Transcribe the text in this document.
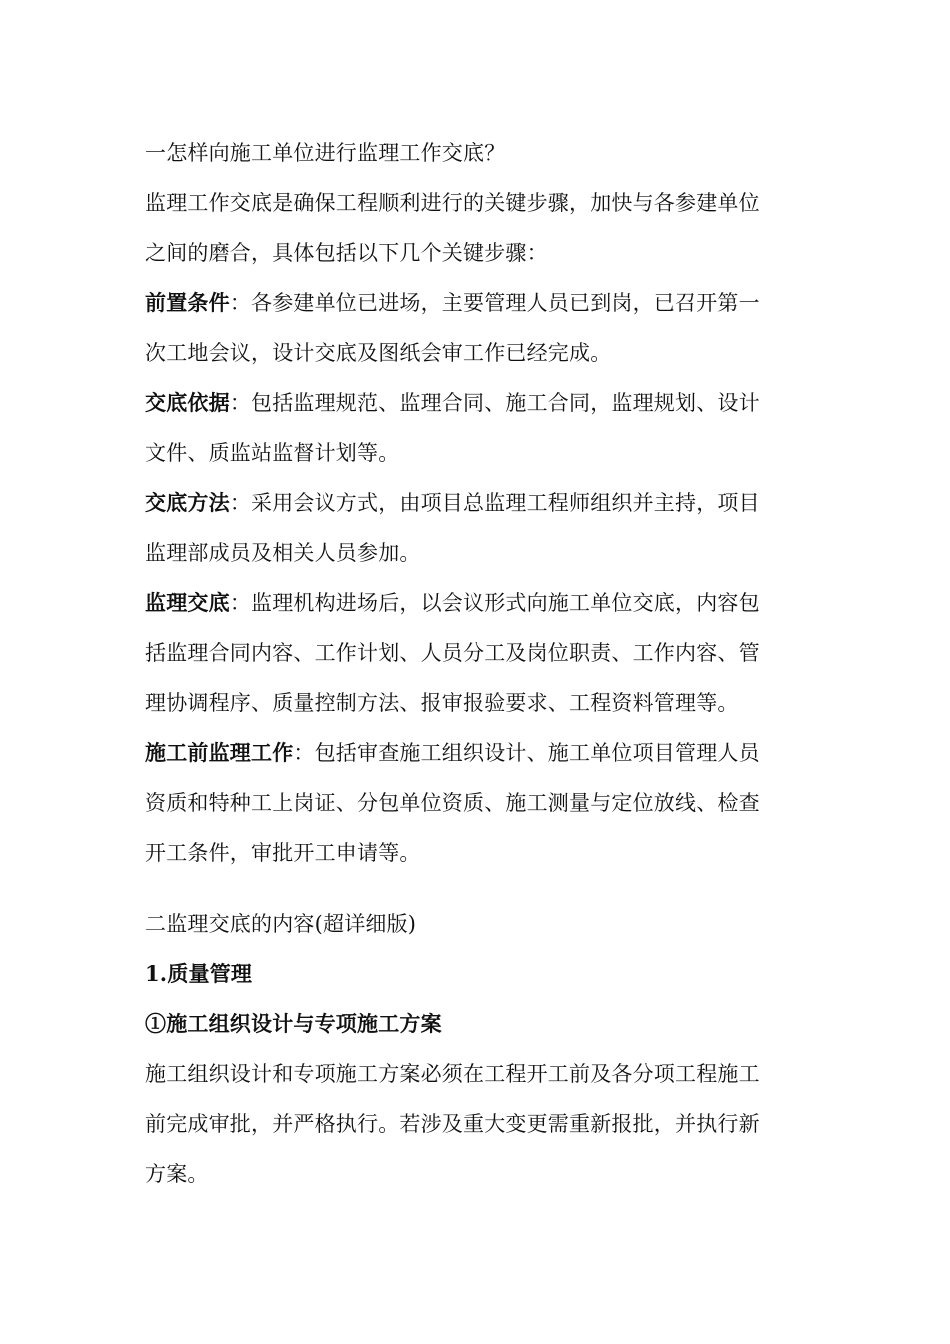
一怎样向施工单位进行监理工作交底？
监理工作交底是确保工程顺利进行的关键步骤，加快与各参建单位
之间的磨合，具体包括以下几个关键步骤：
前置条件：各参建单位已进场，主要管理人员已到岗，已召开第一
次工地会议，设计交底及图纸会审工作已经完成。
交底依据：包括监理规范、监理合同、施工合同，监理规划、设计
文件、质监站监督计划等。
交底方法：采用会议方式，由项目总监理工程师组织并主持，项目
监理部成员及相关人员参加。
监理交底：监理机构进场后，以会议形式向施工单位交底，内容包
括监理合同内容、工作计划、人员分工及岗位职责、工作内容、管
理协调程序、质量控制方法、报审报验要求、工程资料管理等。
施工前监理工作：包括审查施工组织设计、施工单位项目管理人员
资质和特种工上岗证、分包单位资质、施工测量与定位放线、检查
开工条件，审批开工申请等。
二监理交底的内容(超详细版)
1.质量管理
①施工组织设计与专项施工方案
施工组织设计和专项施工方案必须在工程开工前及各分项工程施工
前完成审批，并严格执行。若涉及重大变更需重新报批，并执行新
方案。
